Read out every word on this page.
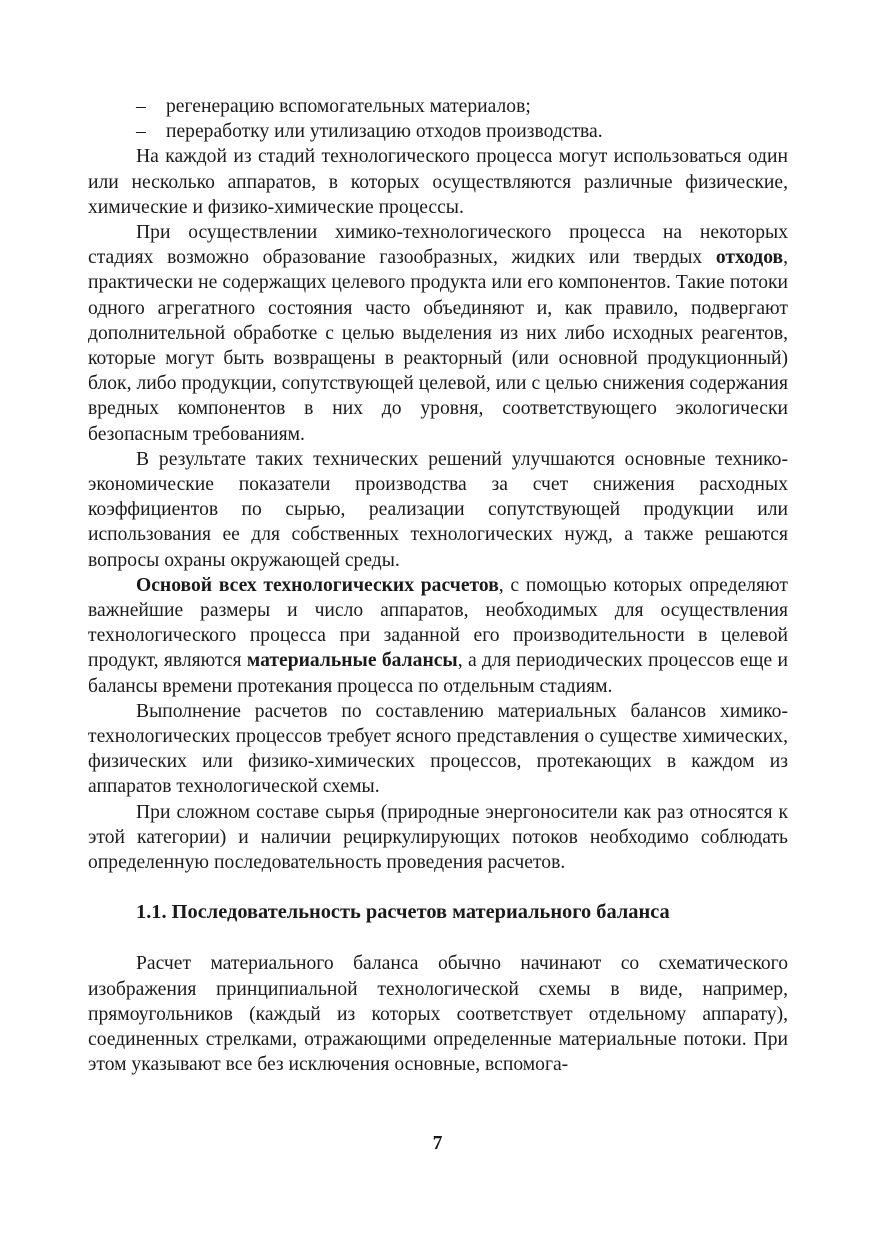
– регенерацию вспомогательных материалов;
– переработку или утилизацию отходов производства.

На каждой из стадий технологического процесса могут использоваться один или несколько аппаратов, в которых осуществляются различные физические, химические и физико-химические процессы.

При осуществлении химико-технологического процесса на некоторых стадиях возможно образование газообразных, жидких или твердых отходов, практически не содержащих целевого продукта или его компонентов. Такие потоки одного агрегатного состояния часто объединяют и, как правило, подвергают дополнительной обработке с целью выделения из них либо исходных реагентов, которые могут быть возвращены в реакторный (или основной продукционный) блок, либо продукции, сопутствующей целевой, или с целью снижения содержания вредных компонентов в них до уровня, соответствующего экологически безопасным требованиям.

В результате таких технических решений улучшаются основные технико-экономические показатели производства за счет снижения расходных коэффициентов по сырью, реализации сопутствующей продукции или использования ее для собственных технологических нужд, а также решаются вопросы охраны окружающей среды.

Основой всех технологических расчетов, с помощью которых определяют важнейшие размеры и число аппаратов, необходимых для осуществления технологического процесса при заданной его производительности в целевой продукт, являются материальные балансы, а для периодических процессов еще и балансы времени протекания процесса по отдельным стадиям.

Выполнение расчетов по составлению материальных балансов химико-технологических процессов требует ясного представления о существе химических, физических или физико-химических процессов, протекающих в каждом из аппаратов технологической схемы.

При сложном составе сырья (природные энергоносители как раз относятся к этой категории) и наличии рециркулирующих потоков необходимо соблюдать определенную последовательность проведения расчетов.

1.1. Последовательность расчетов материального баланса

Расчет материального баланса обычно начинают со схематического изображения принципиальной технологической схемы в виде, например, прямоугольников (каждый из которых соответствует отдельному аппарату), соединенных стрелками, отражающими определенные материальные потоки. При этом указывают все без исключения основные, вспомога-

7
